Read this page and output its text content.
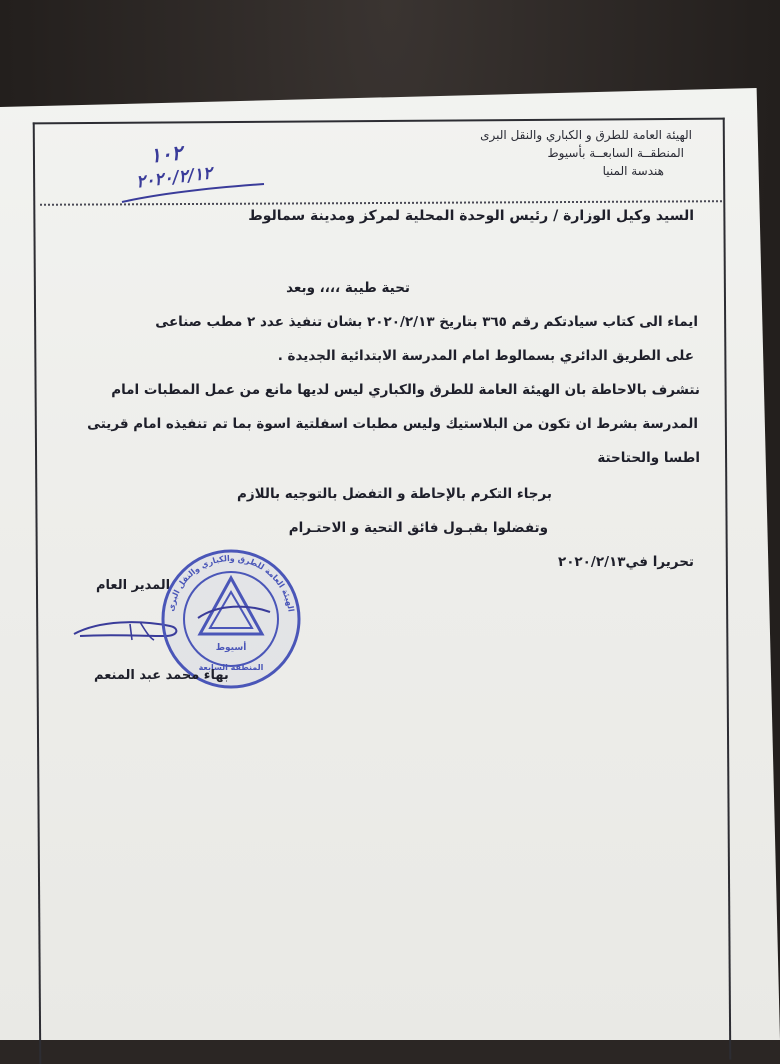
الهيئة العامة للطرق و الكباري والنقل البرى
المنطقــة السابعــة بأسيوط
هندسة المنيا
١٠٢
٢٠٢٠/٢/١٢
السيد وكيل الوزارة / رئيس الوحدة المحلية لمركز ومدينة سمالوط
تحية طيبة ،،،، وبعد
ايماء الى كتاب سيادتكم رقم ٣٦٥ بتاريخ ٢٠٢٠/٢/١٣ بشان تنفيذ عدد ٢ مطب صناعى
على الطريق الدائري بسمالوط امام المدرسة الابتدائية الجديدة .
نتشرف بالاحاطة بان الهيئة العامة للطرق والكباري ليس لديها مانع من عمل المطبات امام
المدرسة بشرط ان تكون من البلاستيك وليس مطبات اسفلتية اسوة بما تم تنفيذه امام قريتى
اطسا والحتاحتة
برجاء التكرم بالإحاطة و التفضل بالتوجيه باللازم
وتفضلوا بقبـول فائق التحية و الاحتـرام
تحريرا في٢٠٢٠/٢/١٣
المدير العام
الهيئة العامة للطرق والكباري والنقل البرى
أسيوط
المنطقة السابعة
بهاء محمد عبد المنعم
